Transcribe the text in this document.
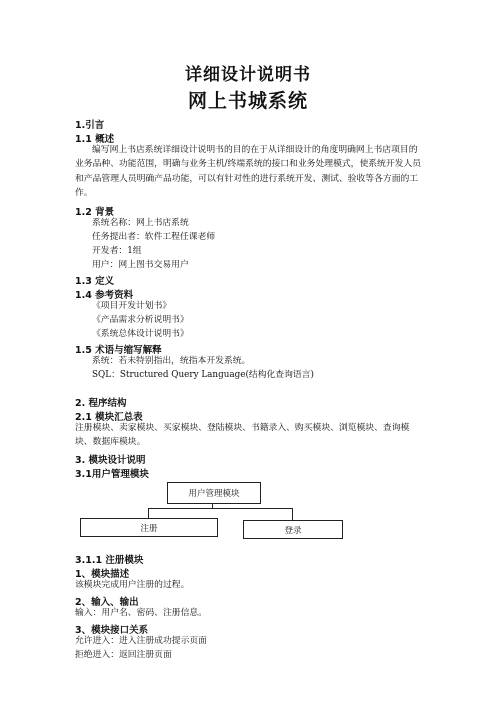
详细设计说明书
网上书城系统
1.引言
1.1 概述
编写网上书店系统详细设计说明书的目的在于从详细设计的角度明确网上书店项目的业务品种、功能范围，明确与业务主机/终端系统的接口和业务处理模式，使系统开发人员和产品管理人员明确产品功能，可以有针对性的进行系统开发、测试、验收等各方面的工作。
1.2 背景
系统名称：网上书店系统
任务提出者：软件工程任课老师
开发者：1组
用户：网上图书交易用户
1.3 定义
1.4 参考资料
《项目开发计划书》
《产品需求分析说明书》
《系统总体设计说明书》
1.5 术语与缩写解释
系统：若未特别指出，统指本开发系统。
SQL：Structured Query Language(结构化查询语言)
2. 程序结构
2.1 模块汇总表
注册模块、卖家模块、买家模块、登陆模块、书籍录入、购买模块、浏览模块、查询模块、数据库模块。
3. 模块设计说明
3.1用户管理模块
用户管理模块
注册	登录
3.1.1 注册模块
1、模块描述
该模块完成用户注册的过程。
2、输入、输出
输入：用户名、密码、注册信息。
3、模块接口关系
允许进入：进入注册成功提示页面
拒绝进入：返回注册页面
